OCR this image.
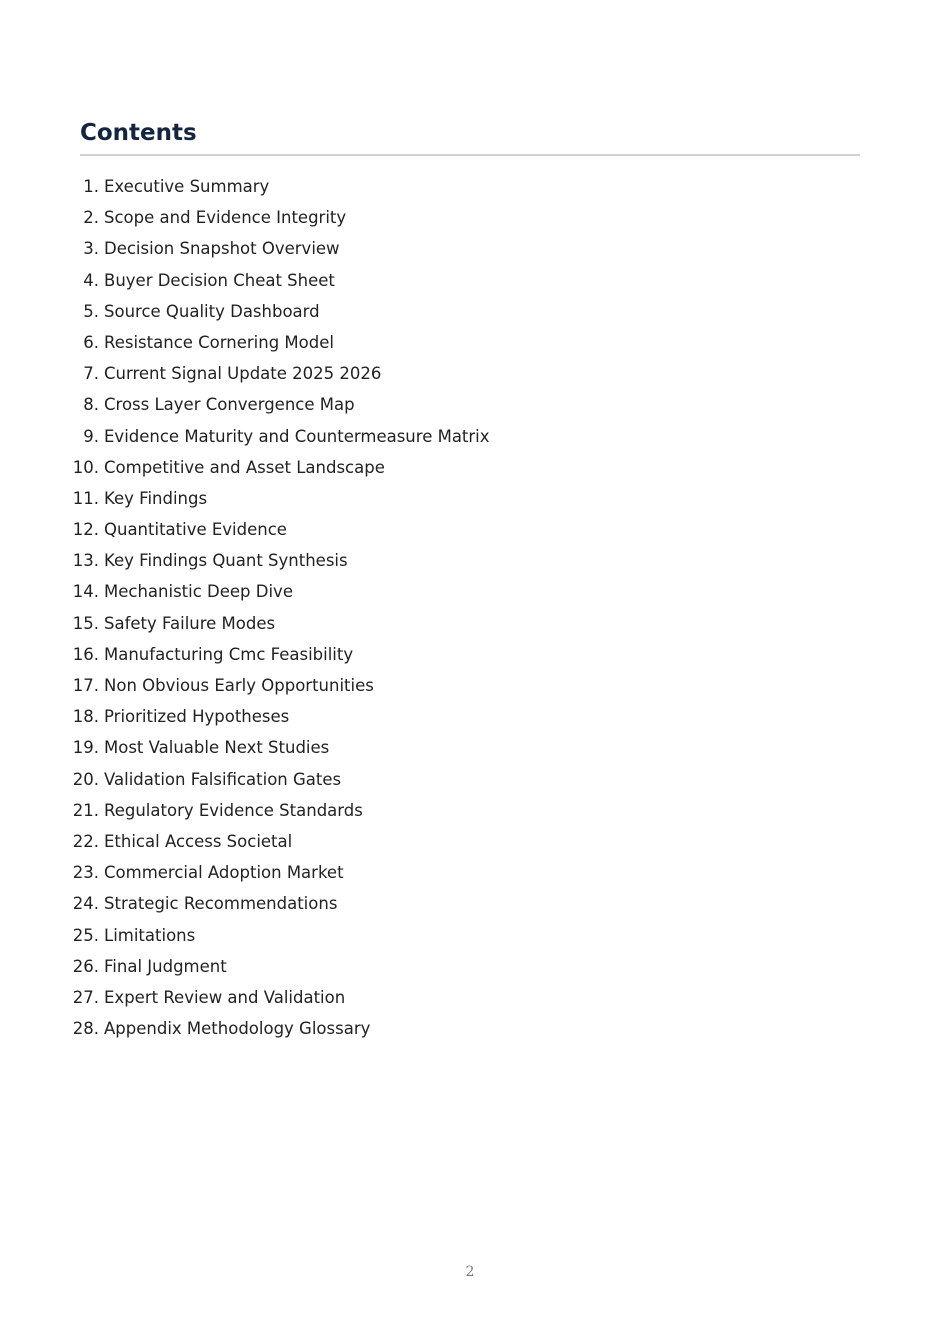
Contents
1. Executive Summary
2. Scope and Evidence Integrity
3. Decision Snapshot Overview
4. Buyer Decision Cheat Sheet
5. Source Quality Dashboard
6. Resistance Cornering Model
7. Current Signal Update 2025 2026
8. Cross Layer Convergence Map
9. Evidence Maturity and Countermeasure Matrix
10. Competitive and Asset Landscape
11. Key Findings
12. Quantitative Evidence
13. Key Findings Quant Synthesis
14. Mechanistic Deep Dive
15. Safety Failure Modes
16. Manufacturing Cmc Feasibility
17. Non Obvious Early Opportunities
18. Prioritized Hypotheses
19. Most Valuable Next Studies
20. Validation Falsification Gates
21. Regulatory Evidence Standards
22. Ethical Access Societal
23. Commercial Adoption Market
24. Strategic Recommendations
25. Limitations
26. Final Judgment
27. Expert Review and Validation
28. Appendix Methodology Glossary
2
